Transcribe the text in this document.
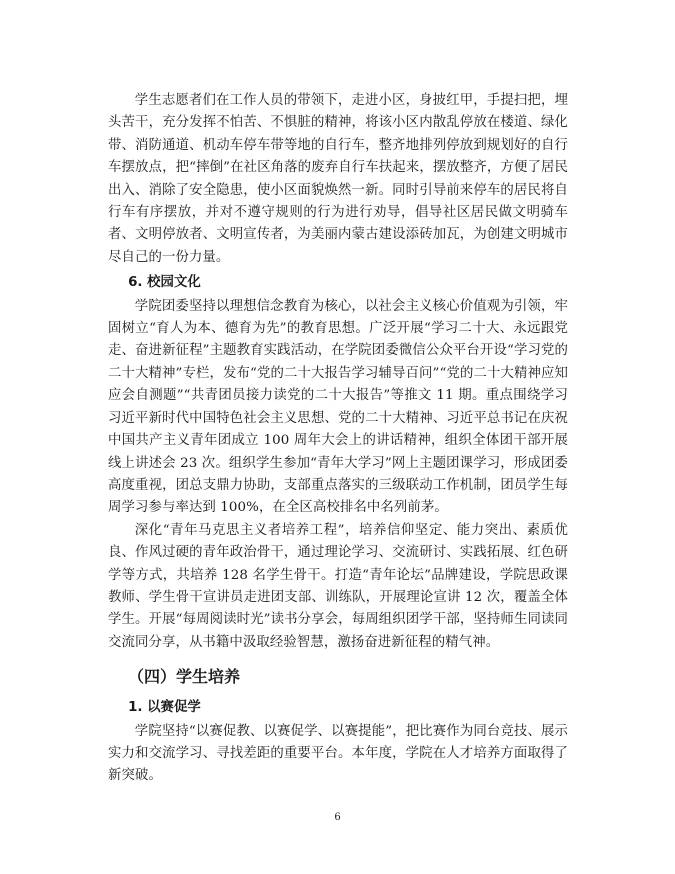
学生志愿者们在工作人员的带领下，走进小区，身披红甲，手提扫把，埋头苦干，充分发挥不怕苦、不惧脏的精神，将该小区内散乱停放在楼道、绿化带、消防通道、机动车停车带等地的自行车，整齐地排列停放到规划好的自行车摆放点，把“摔倒”在社区角落的废弃自行车扶起来，摆放整齐，方便了居民出入、消除了安全隐患，使小区面貌焕然一新。同时引导前来停车的居民将自行车有序摆放，并对不遵守规则的行为进行劝导，倡导社区居民做文明骑车者、文明停放者、文明宣传者，为美丽内蒙古建设添砖加瓦，为创建文明城市尽自己的一份力量。

6. 校园文化

学院团委坚持以理想信念教育为核心，以社会主义核心价值观为引领，牢固树立“育人为本、德育为先”的教育思想。广泛开展“学习二十大、永远跟党走、奋进新征程”主题教育实践活动，在学院团委微信公众平台开设“学习党的二十大精神”专栏，发布“党的二十大报告学习辅导百问”“党的二十大精神应知应会自测题”“共青团员接力读党的二十大报告”等推文 11 期。重点围绕学习习近平新时代中国特色社会主义思想、党的二十大精神、习近平总书记在庆祝中国共产主义青年团成立 100 周年大会上的讲话精神，组织全体团干部开展线上讲述会 23 次。组织学生参加“青年大学习”网上主题团课学习，形成团委高度重视，团总支鼎力协助，支部重点落实的三级联动工作机制，团员学生每周学习参与率达到 100%，在全区高校排名中名列前茅。

深化“青年马克思主义者培养工程”，培养信仰坚定、能力突出、素质优良、作风过硬的青年政治骨干，通过理论学习、交流研讨、实践拓展、红色研学等方式，共培养 128 名学生骨干。打造“青年论坛”品牌建设，学院思政课教师、学生骨干宣讲员走进团支部、训练队，开展理论宣讲 12 次，覆盖全体学生。开展“每周阅读时光”读书分享会，每周组织团学干部，坚持师生同读同交流同分享，从书籍中汲取经验智慧，激扬奋进新征程的精气神。

（四）学生培养
1. 以赛促学

学院坚持“以赛促教、以赛促学、以赛提能”，把比赛作为同台竞技、展示实力和交流学习、寻找差距的重要平台。本年度，学院在人才培养方面取得了新突破。

6
